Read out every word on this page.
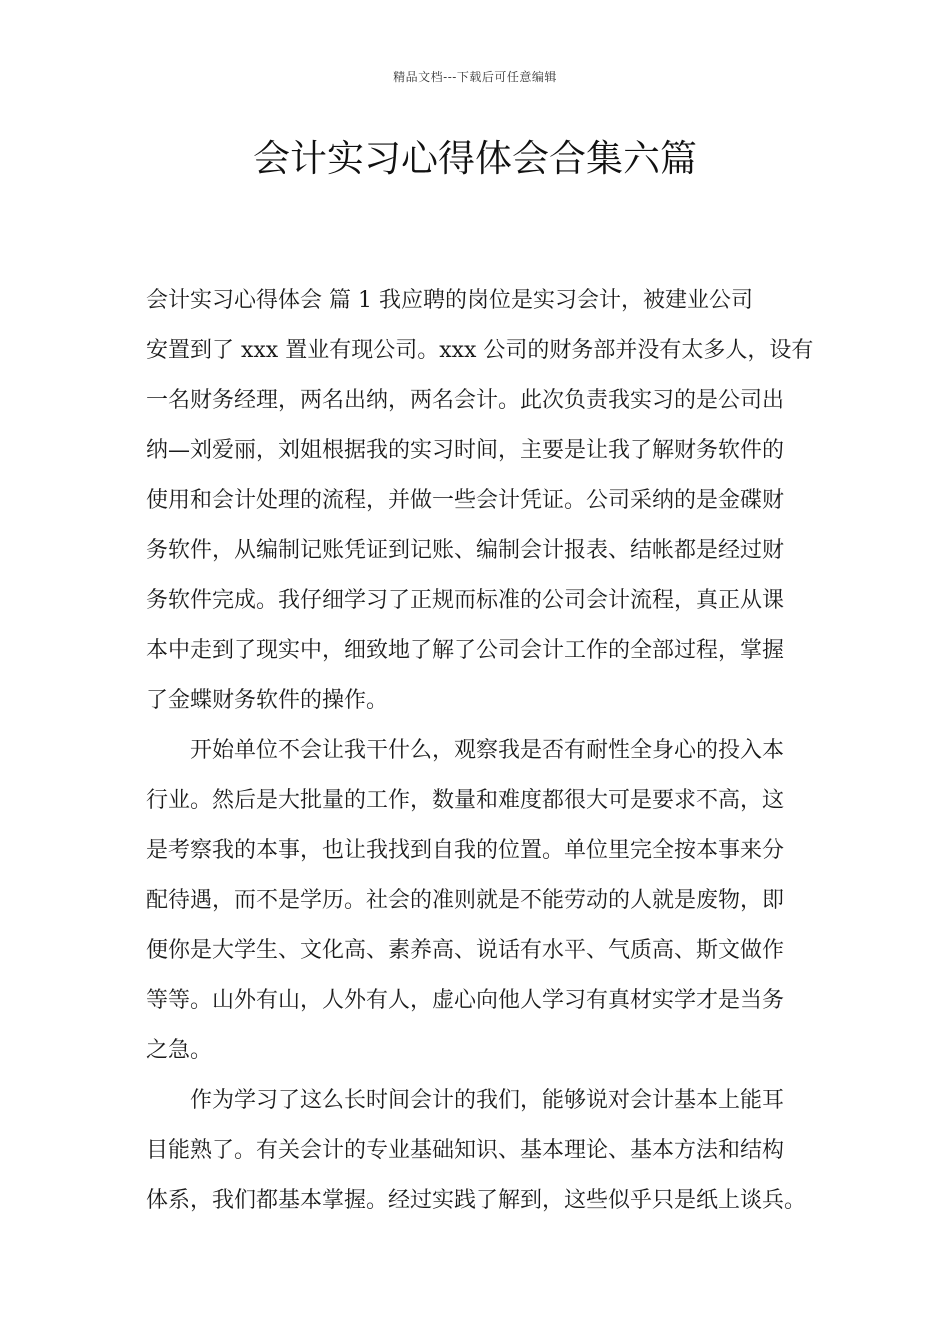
精品文档---下载后可任意编辑
会计实习心得体会合集六篇
会计实习心得体会 篇 1 我应聘的岗位是实习会计，被建业公司
安置到了 xxx 置业有现公司。xxx 公司的财务部并没有太多人，设有
一名财务经理，两名出纳，两名会计。此次负责我实习的是公司出
纳—刘爱丽，刘姐根据我的实习时间，主要是让我了解财务软件的
使用和会计处理的流程，并做一些会计凭证。公司采纳的是金碟财
务软件，从编制记账凭证到记账、编制会计报表、结帐都是经过财
务软件完成。我仔细学习了正规而标准的公司会计流程，真正从课
本中走到了现实中，细致地了解了公司会计工作的全部过程，掌握
了金蝶财务软件的操作。
开始单位不会让我干什么，观察我是否有耐性全身心的投入本
行业。然后是大批量的工作，数量和难度都很大可是要求不高，这
是考察我的本事，也让我找到自我的位置。单位里完全按本事来分
配待遇，而不是学历。社会的准则就是不能劳动的人就是废物，即
便你是大学生、文化高、素养高、说话有水平、气质高、斯文做作
等等。山外有山，人外有人，虚心向他人学习有真材实学才是当务
之急。
作为学习了这么长时间会计的我们，能够说对会计基本上能耳
目能熟了。有关会计的专业基础知识、基本理论、基本方法和结构
体系，我们都基本掌握。经过实践了解到，这些似乎只是纸上谈兵。
